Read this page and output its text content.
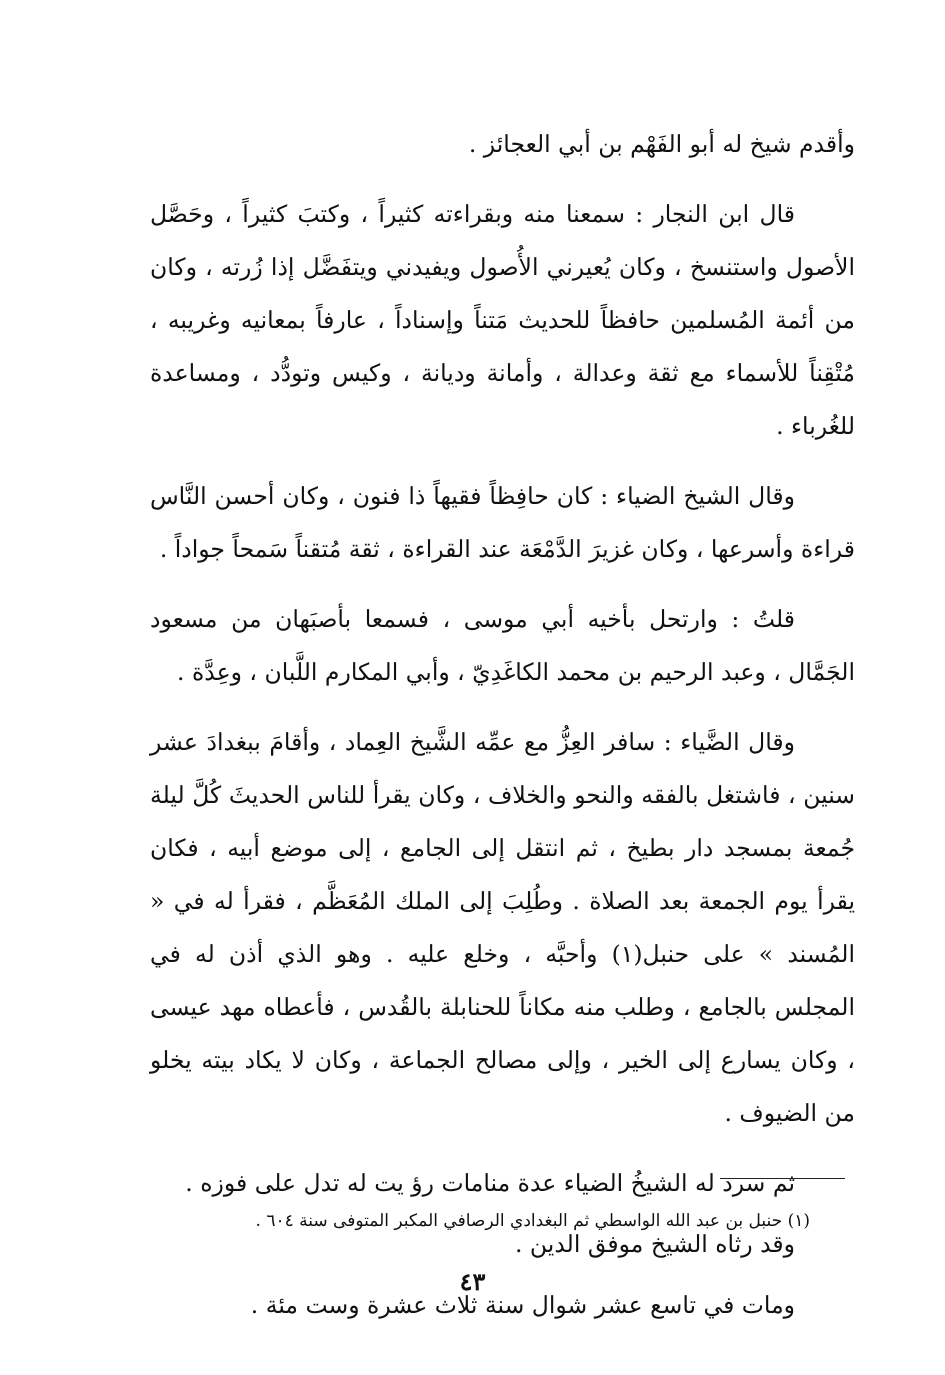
وأقدم شيخ له أبو الفَهْم بن أبي العجائز .

قال ابن النجار : سمعنا منه وبقراءته كثيراً ، وكتبَ كثيراً ، وحَصَّل الأصول واستنسخ ، وكان يُعيرني الأُصول ويفيدني ويتفَضَّل إذا زُرته ، وكان من أئمة المُسلمين حافظاً للحديث مَتناً وإسناداً ، عارفاً بمعانيه وغريبه ، مُتْقِناً للأسماء مع ثقة وعدالة ، وأمانة وديانة ، وكيس وتودُّد ، ومساعدة للغُرباء .

وقال الشيخ الضياء : كان حافِظاً فقيهاً ذا فنون ، وكان أحسن النَّاس قراءة وأسرعها ، وكان غزيرَ الدَّمْعَة عند القراءة ، ثقة مُتقناً سَمحاً جواداً .

قلتُ : وارتحل بأخيه أبي موسى ، فسمعا بأصبَهان من مسعود الجَمَّال ، وعبد الرحيم بن محمد الكاغَدِيّ ، وأبي المكارم اللَّبان ، وعِدَّة .

وقال الضَّياء : سافر العِزُّ مع عمِّه الشَّيخ العِماد ، وأقامَ ببغدادَ عشر سنين ، فاشتغل بالفقه والنحو والخلاف ، وكان يقرأ للناس الحديثَ كُلَّ ليلة جُمعة بمسجد دار بطيخ ، ثم انتقل إلى الجامع ، إلى موضع أبيه ، فكان يقرأ يوم الجمعة بعد الصلاة . وطُلِبَ إلى الملك المُعَظَّم ، فقرأ له في « المُسند » على حنبل(١) وأحبَّه ، وخلع عليه . وهو الذي أذن له في المجلس بالجامع ، وطلب منه مكاناً للحنابلة بالقُدس ، فأعطاه مهد عيسى ، وكان يسارع إلى الخير ، وإلى مصالح الجماعة ، وكان لا يكاد بيته يخلو من الضيوف .

ثم سرد له الشيخُ الضياء عدة منامات رؤ يت له تدل على فوزه .

وقد رثاه الشيخ موفق الدين .

ومات في تاسع عشر شوال سنة ثلاث عشرة وست مئة .

(١) حنبل بن عبد الله الواسطي ثم البغدادي الرصافي المكبر المتوفى سنة ٦٠٤ .
٤٣
